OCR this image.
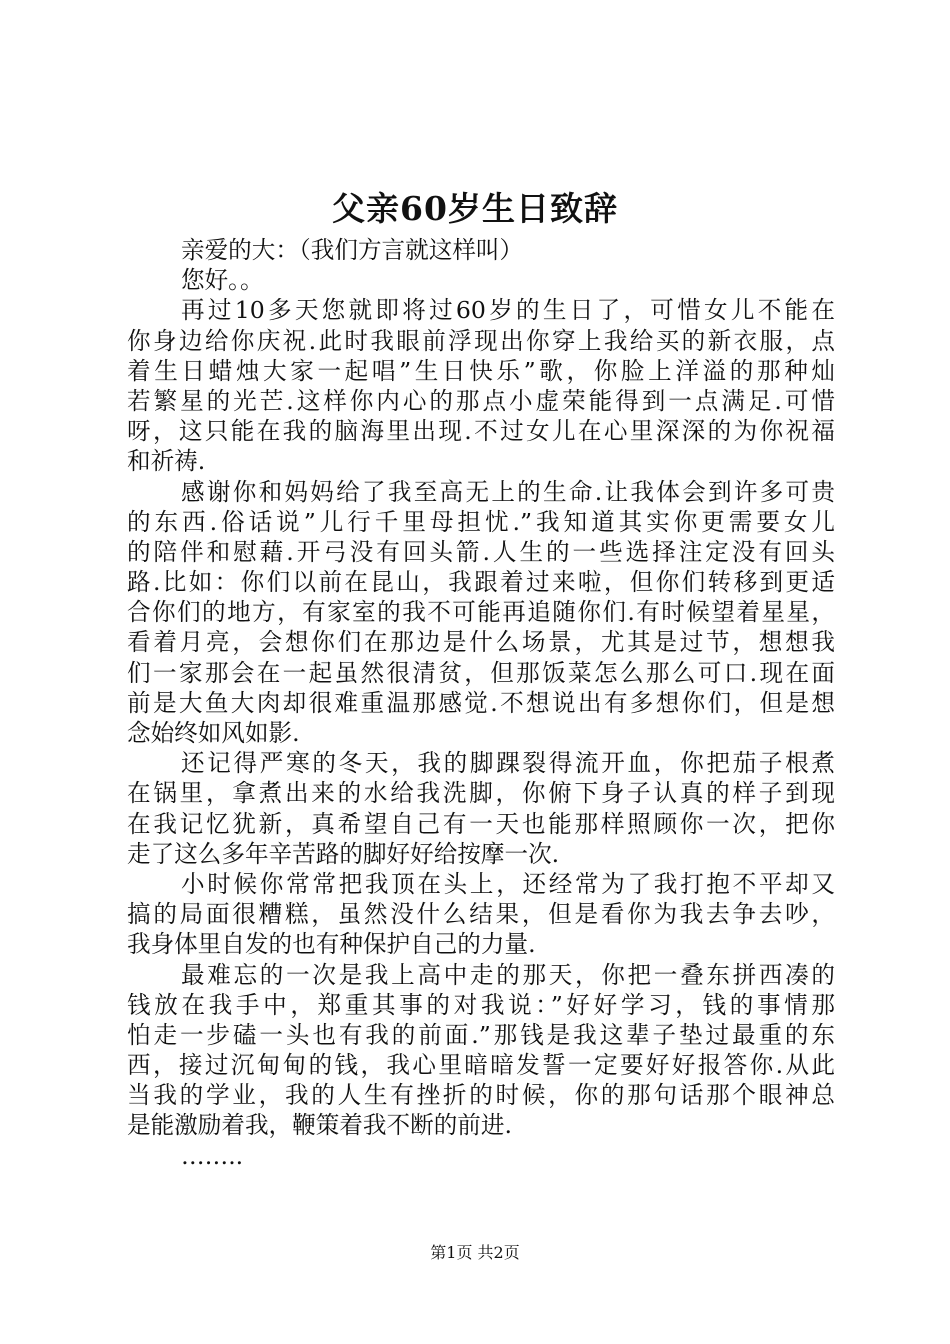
父亲60岁生日致辞
亲爱的大：（我们方言就这样叫）
您好。。
再过10多天您就即将过60岁的生日了，可惜女儿不能在
你身边给你庆祝.此时我眼前浮现出你穿上我给买的新衣服，点
着生日蜡烛大家一起唱”生日快乐”歌，你脸上洋溢的那种灿
若繁星的光芒.这样你内心的那点小虚荣能得到一点满足.可惜
呀，这只能在我的脑海里出现.不过女儿在心里深深的为你祝福
和祈祷.
感谢你和妈妈给了我至高无上的生命.让我体会到许多可贵
的东西.俗话说”儿行千里母担忧.”我知道其实你更需要女儿
的陪伴和慰藉.开弓没有回头箭.人生的一些选择注定没有回头
路.比如：你们以前在昆山，我跟着过来啦，但你们转移到更适
合你们的地方，有家室的我不可能再追随你们.有时候望着星星，
看着月亮，会想你们在那边是什么场景，尤其是过节，想想我
们一家那会在一起虽然很清贫，但那饭菜怎么那么可口.现在面
前是大鱼大肉却很难重温那感觉.不想说出有多想你们，但是想
念始终如风如影.
还记得严寒的冬天，我的脚踝裂得流开血，你把茄子根煮
在锅里，拿煮出来的水给我洗脚，你俯下身子认真的样子到现
在我记忆犹新，真希望自己有一天也能那样照顾你一次，把你
走了这么多年辛苦路的脚好好给按摩一次.
小时候你常常把我顶在头上，还经常为了我打抱不平却又
搞的局面很糟糕，虽然没什么结果，但是看你为我去争去吵，
我身体里自发的也有种保护自己的力量.
最难忘的一次是我上高中走的那天，你把一叠东拼西凑的
钱放在我手中，郑重其事的对我说：”好好学习，钱的事情那
怕走一步磕一头也有我的前面.”那钱是我这辈子垫过最重的东
西，接过沉甸甸的钱，我心里暗暗发誓一定要好好报答你.从此
当我的学业，我的人生有挫折的时候，你的那句话那个眼神总
是能激励着我，鞭策着我不断的前进.
……..
第1页 共2页
